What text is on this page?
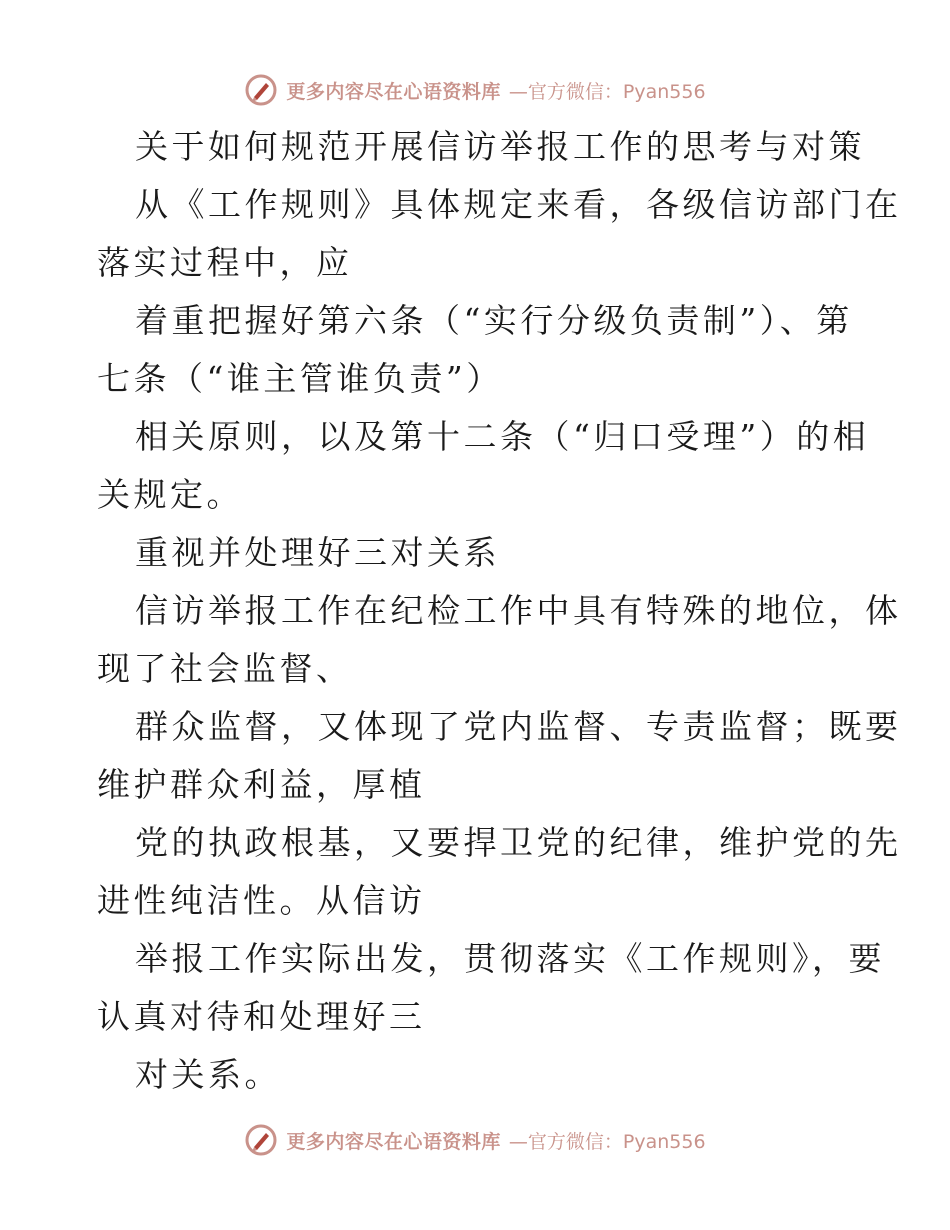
更多内容尽在心语资料库 —官方微信：Pyan556
关于如何规范开展信访举报工作的思考与对策
从《工作规则》具体规定来看，各级信访部门在
落实过程中，应
着重把握好第六条（“实行分级负责制”）、第
七条（“谁主管谁负责”）
相关原则，以及第十二条（“归口受理”）的相
关规定。
重视并处理好三对关系
信访举报工作在纪检工作中具有特殊的地位，体
现了社会监督、
群众监督，又体现了党内监督、专责监督；既要
维护群众利益，厚植
党的执政根基，又要捍卫党的纪律，维护党的先
进性纯洁性。从信访
举报工作实际出发，贯彻落实《工作规则》，要
认真对待和处理好三
对关系。
更多内容尽在心语资料库 —官方微信：Pyan556
